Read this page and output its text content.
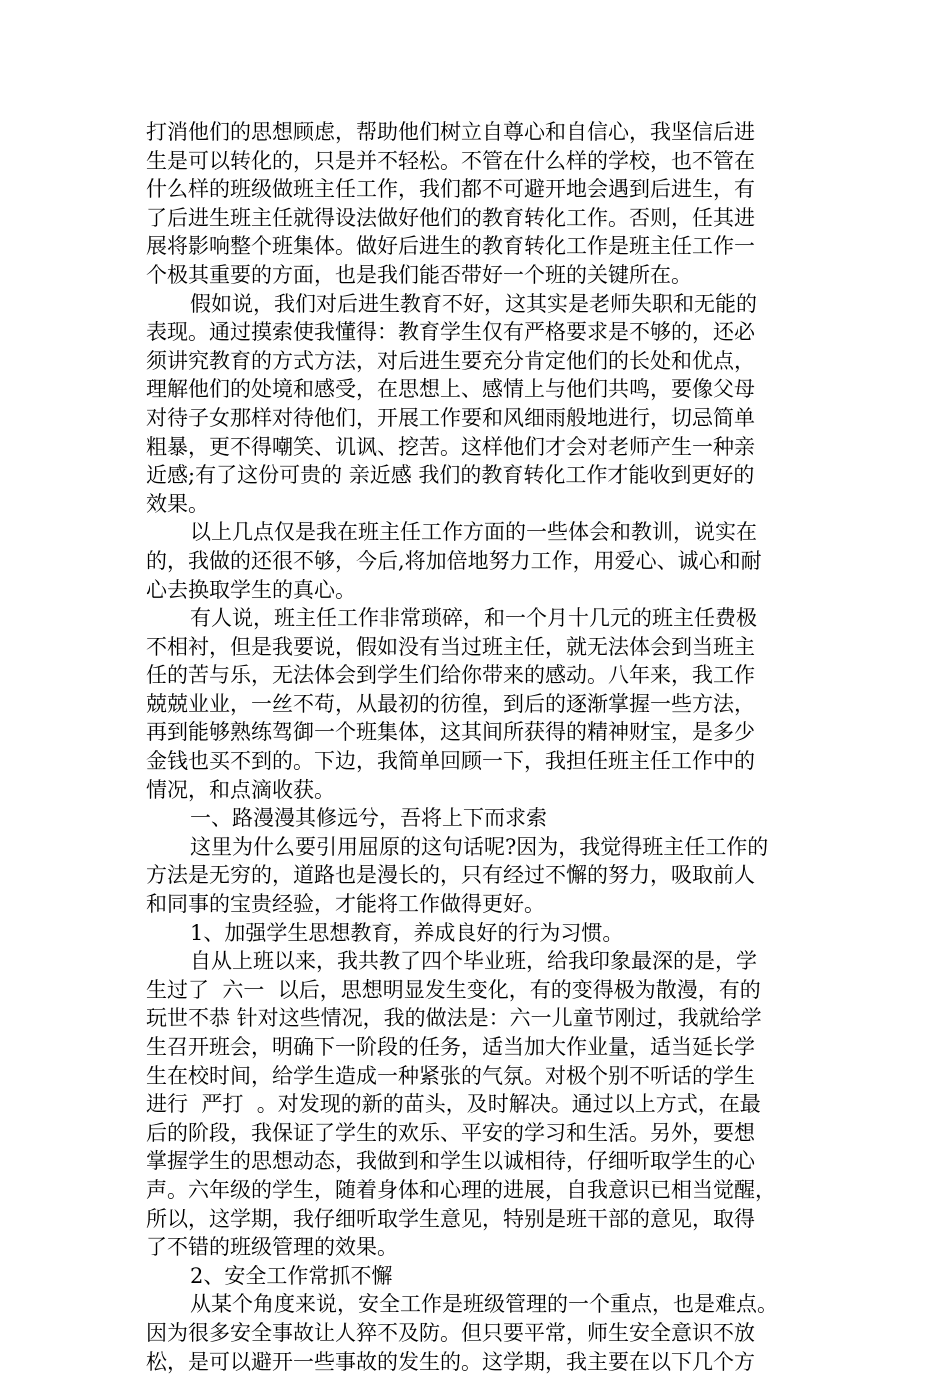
打消他们的思想顾虑，帮助他们树立自尊心和自信心，我坚信后进
生是可以转化的，只是并不轻松。不管在什么样的学校，也不管在
什么样的班级做班主任工作，我们都不可避开地会遇到后进生，有
了后进生班主任就得设法做好他们的教育转化工作。否则，任其进
展将影响整个班集体。做好后进生的教育转化工作是班主任工作一
个极其重要的方面，也是我们能否带好一个班的关键所在。
假如说，我们对后进生教育不好，这其实是老师失职和无能的
表现。通过摸索使我懂得：教育学生仅有严格要求是不够的，还必
须讲究教育的方式方法，对后进生要充分肯定他们的长处和优点，
理解他们的处境和感受，在思想上、感情上与他们共鸣，要像父母
对待子女那样对待他们，开展工作要和风细雨般地进行，切忌简单
粗暴，更不得嘲笑、讥讽、挖苦。这样他们才会对老师产生一种亲
近感;有了这份可贵的 亲近感 我们的教育转化工作才能收到更好的
效果。
以上几点仅是我在班主任工作方面的一些体会和教训，说实在
的，我做的还很不够，今后,将加倍地努力工作，用爱心、诚心和耐
心去换取学生的真心。
有人说，班主任工作非常琐碎，和一个月十几元的班主任费极
不相衬，但是我要说，假如没有当过班主任，就无法体会到当班主
任的苦与乐，无法体会到学生们给你带来的感动。八年来，我工作
兢兢业业，一丝不苟，从最初的彷徨，到后的逐渐掌握一些方法，
再到能够熟练驾御一个班集体，这其间所获得的精神财宝，是多少
金钱也买不到的。下边，我简单回顾一下，我担任班主任工作中的
情况，和点滴收获。
一、路漫漫其修远兮，吾将上下而求索
这里为什么要引用屈原的这句话呢?因为，我觉得班主任工作的
方法是无穷的，道路也是漫长的，只有经过不懈的努力，吸取前人
和同事的宝贵经验，才能将工作做得更好。
1、加强学生思想教育，养成良好的行为习惯。
自从上班以来，我共教了四个毕业班，给我印象最深的是，学
生过了  六一  以后，思想明显发生变化，有的变得极为散漫，有的
玩世不恭 针对这些情况，我的做法是：六一儿童节刚过，我就给学
生召开班会，明确下一阶段的任务，适当加大作业量，适当延长学
生在校时间，给学生造成一种紧张的气氛。对极个别不听话的学生
进行  严打  。对发现的新的苗头，及时解决。通过以上方式，在最
后的阶段，我保证了学生的欢乐、平安的学习和生活。另外，要想
掌握学生的思想动态，我做到和学生以诚相待，仔细听取学生的心
声。六年级的学生，随着身体和心理的进展，自我意识已相当觉醒，
所以，这学期，我仔细听取学生意见，特别是班干部的意见，取得
了不错的班级管理的效果。
2、安全工作常抓不懈
从某个角度来说，安全工作是班级管理的一个重点，也是难点。
因为很多安全事故让人猝不及防。但只要平常，师生安全意识不放
松，是可以避开一些事故的发生的。这学期，我主要在以下几个方
